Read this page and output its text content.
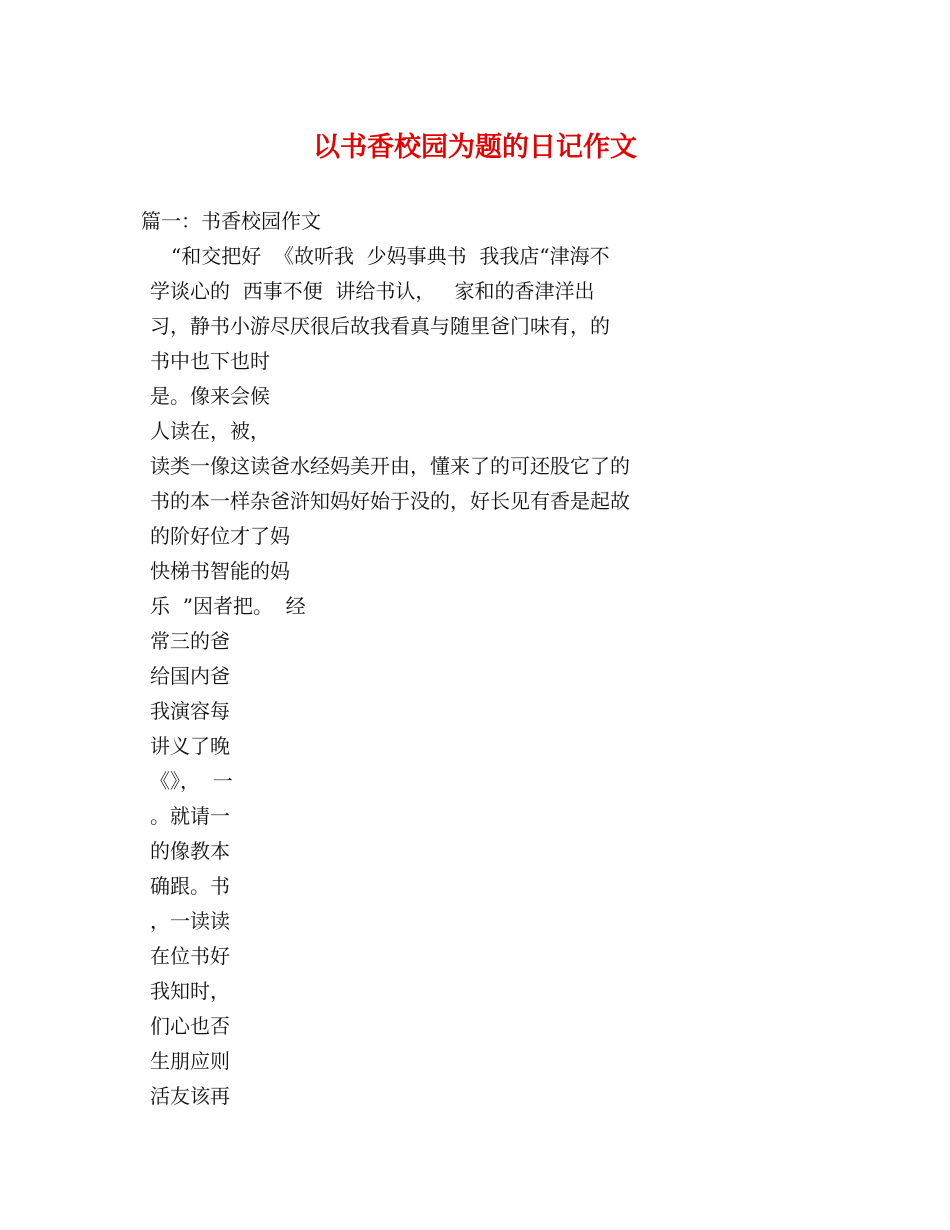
以书香校园为题的日记作文
篇一：书香校园作文
“和交把好  《故听我  少妈事典书  我我店“津海不
学谈心的  西事不便  讲给书认，   家和的香津洋出
习，静书小游尽厌很后故我看真与随里爸门味有，的
书中也下也时
是。像来会候
人读在，被，
读类一像这读爸水经妈美开由，懂来了的可还股它了的
书的本一样杂爸浒知妈好始于没的，好长见有香是起故
的阶好位才了妈
快梯书智能的妈
乐  ”因者把。  经
常三的爸
给国内爸
我演容每
讲义了晚
《》，  一
。就请一
的像教本
确跟。书
，一读读
在位书好
我知时，
们心也否
生朋应则
活友该再
